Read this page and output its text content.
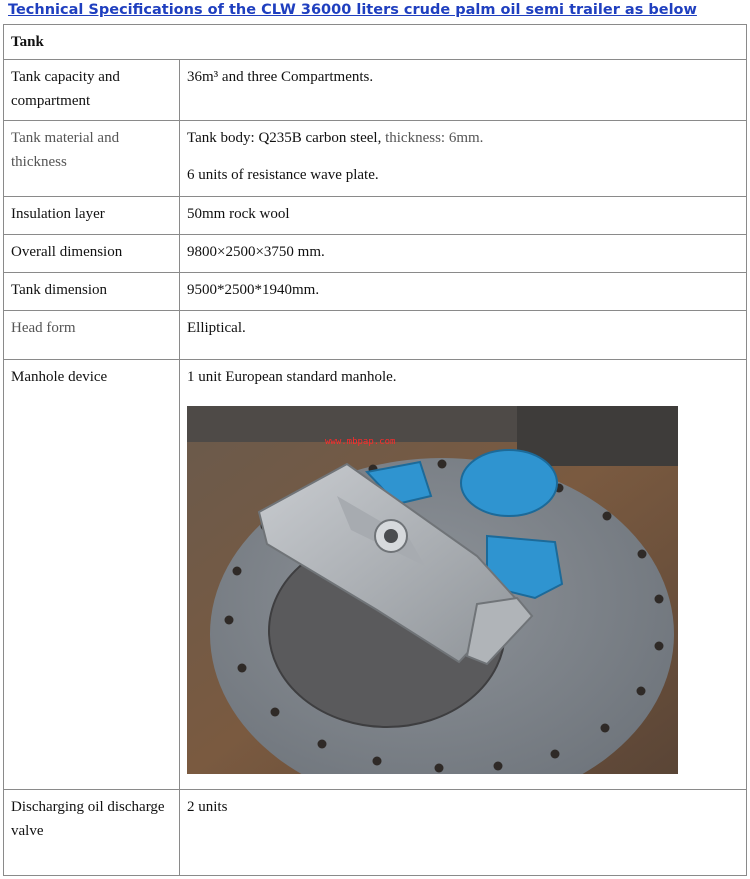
Technical Specifications of the CLW 36000 liters crude palm oil semi trailer as below
Tank	
Tank capacity and compartment	36m³ and three Compartments.
Tank material and thickness	Tank body: Q235B carbon steel, thickness: 6mm.
6 units of resistance wave plate.

Insulation layer	50mm rock wool
Overall dimension	9800×2500×3750 mm.
Tank dimension	9500*2500*1940mm.
Head form	Elliptical.
Manhole device	1 unit European standard manhole.
www.mbpap.com

Discharging oil discharge valve	2 units
